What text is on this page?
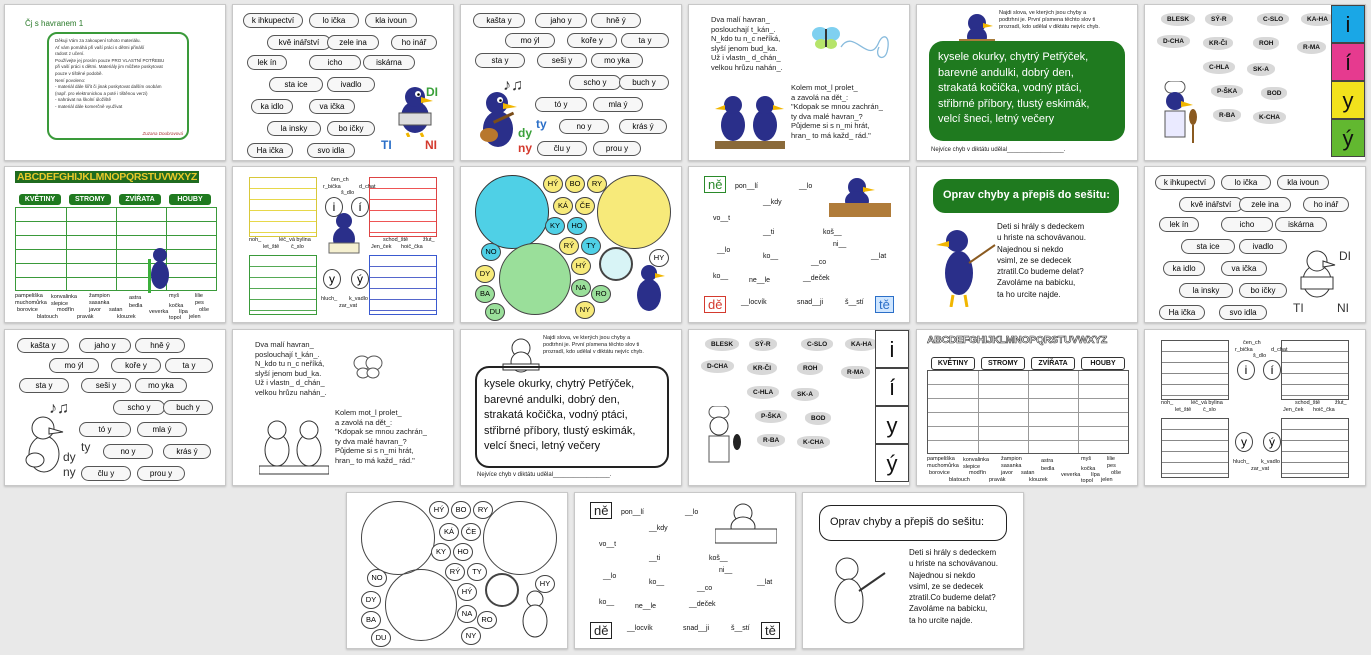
Čj s havranem 1
Děkuji Vám za zakoupení tohoto materiálu.
Ať vám pomáhá při vaší práci s dětmi přináší
radost z učení.
Používejte jej prosím pouze PRO VLASTNÍ POTŘEBU
při vaší práci s dětmi. Materiály jim můžete poskytovat
pouze v tištěné podobě.
Není povoleno:
- materiál dále šířit či jinak poskytovat dalším osobám
(např. pro elektronickou a poté i tištěnou verzi)
- nahrávat na školní úložiště
- materiál dále komerčně využívat
Zuzana Doubravová
k ihkupectví	lo ička	kla ivoun
kvě inářství	zele ina	ho inář
lek ín	icho	iskárna
sta ice	ivadlo
ka idlo	va ička
la insky	bo ičky
Ha ička	svo idla
DI
TI	NI
kašta y	jaho y	hně ý
mo ýl	koře y	ta y
sta y	seši y	mo yka
scho y	buch y
tó y	mla ý
no y	krás ý
člu y	prou y
♪♫
ty
dy
ny
Dva malí havran_
poslouchají t_kán_.
N_kdo tu n_c neříká,
slyší jenom bud_ka.
Už i vlastn_ d_chán_
velkou hrůzu nahán_.
Kolem mot_l prolet_
a zavolá na dět_:
"Kdopak se mnou zachrán_
ty dva malé havran_?
Půjdeme si s n_mi hrát,
hran_ to má každ_ rád."
Najdi slova, ve kterých jsou chyby a
podtrhni je. První písmena těchto slov ti
prozradí, kdo udělal v diktátu nejvíc chyb.
kysele okurky, chytrý Petřýček,
barevné andulki, dobrý den,
strakatá kočička, vodný ptáci,
střibrné příbory, tlustý eskimák,
velcí šneci, letný večery
Nejvíce chyb v diktátu udělal_________________.
BLESK	SÝ-R	C-SLO	KA-HA
D-CHA	KR-ČI	ROH
R-MA
C-HLA	SK-A
P-ŠKA	BOD
R-BA	K-CHA
i
í
y
ý
ABCDEFGHIJKLMNOPQRSTUVWXYZ
KVĚTINY	STROMY	ZVÍŘATA	HOUBY
pampeliška konvalinka žampion	astra	myš	lilie
muchomůrka slepice	sasanka	bedla	kočka pes
borovice	modřín	javor satan	veverka lípa olše
blatouch	pravák	klouzek	topol jelen
i	í
y	ý
čen_ch
r_bička	d_chat
š_dlo
noh_	léč_vá bylina
let_ště č_slo
schod_ště	žlut_
Jen_ček hoič_čka
hluch_ k_vadlo
zar_vat
HÝ	BO	RY
KÁ	ČE
KY	HO
RÝ	TY
HÝ
NO
DY
BA
DU
NA
RO
NY
HY
pon__lí	__lo
__kdy
vo__t
__ti	koš__
__lo
ko__
__co
ni__
__lat
ko__
ne__le	__deček
__locvík	snad__ji	š__stí
ně
dě	tě
Oprav chyby a přepiš do sešitu:
Deti si hrály s dedeckem
u hriste na schovávanou.
Najednou si nekdo
vsiml, ze se dedecek
ztratil.Co budeme delat?
Zavoláme na babicku,
ta ho urcite najde.
k ihkupectví	lo ička	kla ivoun
kvě inářství	zele ina	ho inář
lek ín	icho	iskárna
sta ice	ivadlo
ka idlo	va ička
la insky	bo ičky
Ha ička	svo idla
DI
TI	NI
kašta y	jaho y	hně ý
mo ýl	koře y	ta y
sta y	seši y	mo yka
scho y	buch y
tó y	mla ý
no y	krás ý
člu y	prou y
♪♫
ty
dy
ny
Dva malí havran_
poslouchají t_kán_.
N_kdo tu n_c neříká,
slyší jenom bud_ka.
Už i vlastn_ d_chán_
velkou hrůzu nahán_.
Kolem mot_l prolet_
a zavolá na dět_:
"Kdopak se mnou zachrán_
ty dva malé havran_?
Půjdeme si s n_mi hrát,
hran_ to má každ_ rád."
Najdi slova, ve kterých jsou chyby a
podtrhni je. První písmena těchto slov ti
prozradí, kdo udělal v diktátu nejvíc chyb.
kysele okurky, chytrý Petřýček,
barevné andulki, dobrý den,
strakatá kočička, vodný ptáci,
střibrné příbory, tlustý eskimák,
velcí šneci, letný večery
Nejvíce chyb v diktátu udělal_________________.
BLESK	SÝ-R	C-SLO	KA-HA
D-CHA	KR-ČI	ROH
R-MA
C-HLA	SK-A
P-ŠKA	BOD
R-BA	K-CHA
i
í
y
ý
ABCDEFGHIJKLMNOPQRSTUVWXYZ
KVĚTINY	STROMY	ZVÍŘATA	HOUBY
pampeliška konvalinka žampion	astra	myš	lilie
muchomůrka slepice	sasanka	bedla	kočka pes
borovice	modřín	javor satan	veverka lípa olše
blatouch	pravák	klouzek	topol jelen
i	í
y	ý
čen_ch
r_bička	d_chat
š_dlo
noh_	léč_vá bylina
let_ště č_slo
schod_ště	žlut_
Jen_ček hoič_čka
hluch_ k_vadlo
zar_vat
HÝ	BO	RY
KÁ	ČE
KY	HO
RÝ	TY
HÝ
NO
DY
BA
DU
NA
RO
NY
HY
pon__lí	__lo
__kdy
vo__t
__ti	koš__
__lo
ko__
__co
ni__
__lat
ko__
ne__le	__deček
__locvík	snad__ji	š__stí
ně
dě	tě
Oprav chyby a přepiš do sešitu:
Deti si hrály s dedeckem
u hriste na schovávanou.
Najednou si nekdo
vsiml, ze se dedecek
ztratil.Co budeme delat?
Zavoláme na babicku,
ta ho urcite najde.
